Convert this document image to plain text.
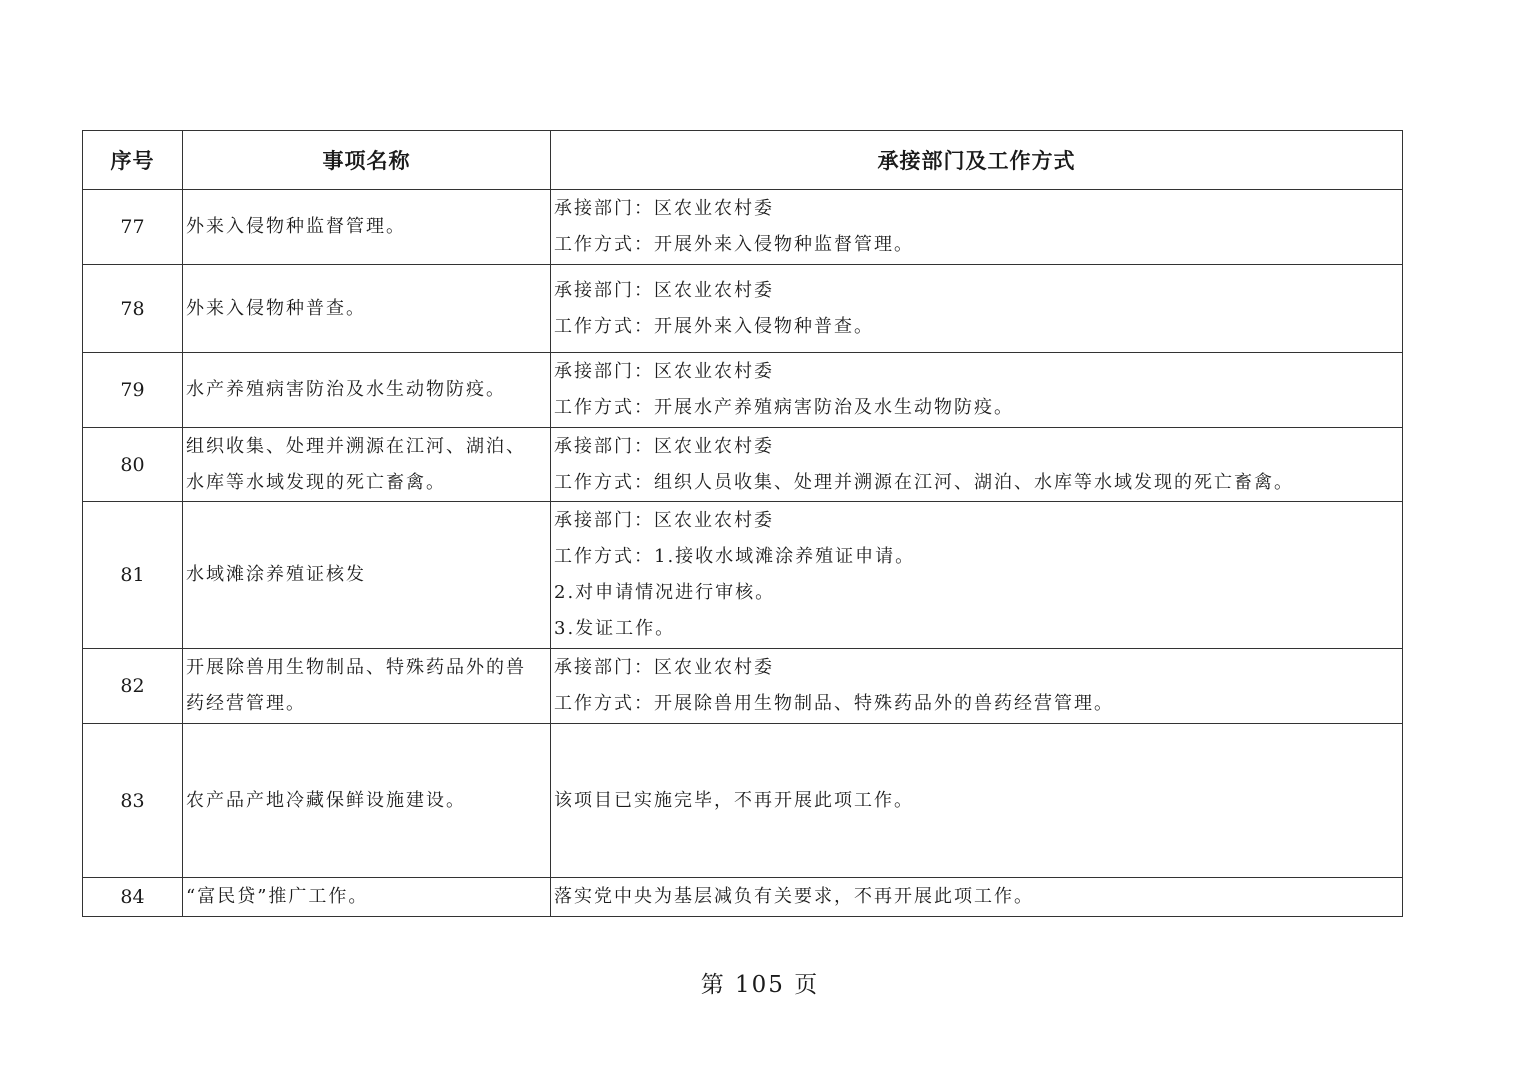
序号	事项名称	承接部门及工作方式
77	外来入侵物种监督管理。	承接部门：区农业农村委
工作方式：开展外来入侵物种监督管理。

78	外来入侵物种普查。	承接部门：区农业农村委
工作方式：开展外来入侵物种普查。

79	水产养殖病害防治及水生动物防疫。	承接部门：区农业农村委
工作方式：开展水产养殖病害防治及水生动物防疫。

80	组织收集、处理并溯源在江河、湖泊、
水库等水域发现的死亡畜禽。	承接部门：区农业农村委
工作方式：组织人员收集、处理并溯源在江河、湖泊、水库等水域发现的死亡畜禽。

81	水域滩涂养殖证核发	承接部门：区农业农村委
工作方式：1.接收水域滩涂养殖证申请。
2.对申请情况进行审核。
3.发证工作。

82	开展除兽用生物制品、特殊药品外的兽
药经营管理。	承接部门：区农业农村委
工作方式：开展除兽用生物制品、特殊药品外的兽药经营管理。

83	农产品产地冷藏保鲜设施建设。	该项目已实施完毕，不再开展此项工作。

84	“富民贷”推广工作。	落实党中央为基层减负有关要求，不再开展此项工作。
第 105 页
